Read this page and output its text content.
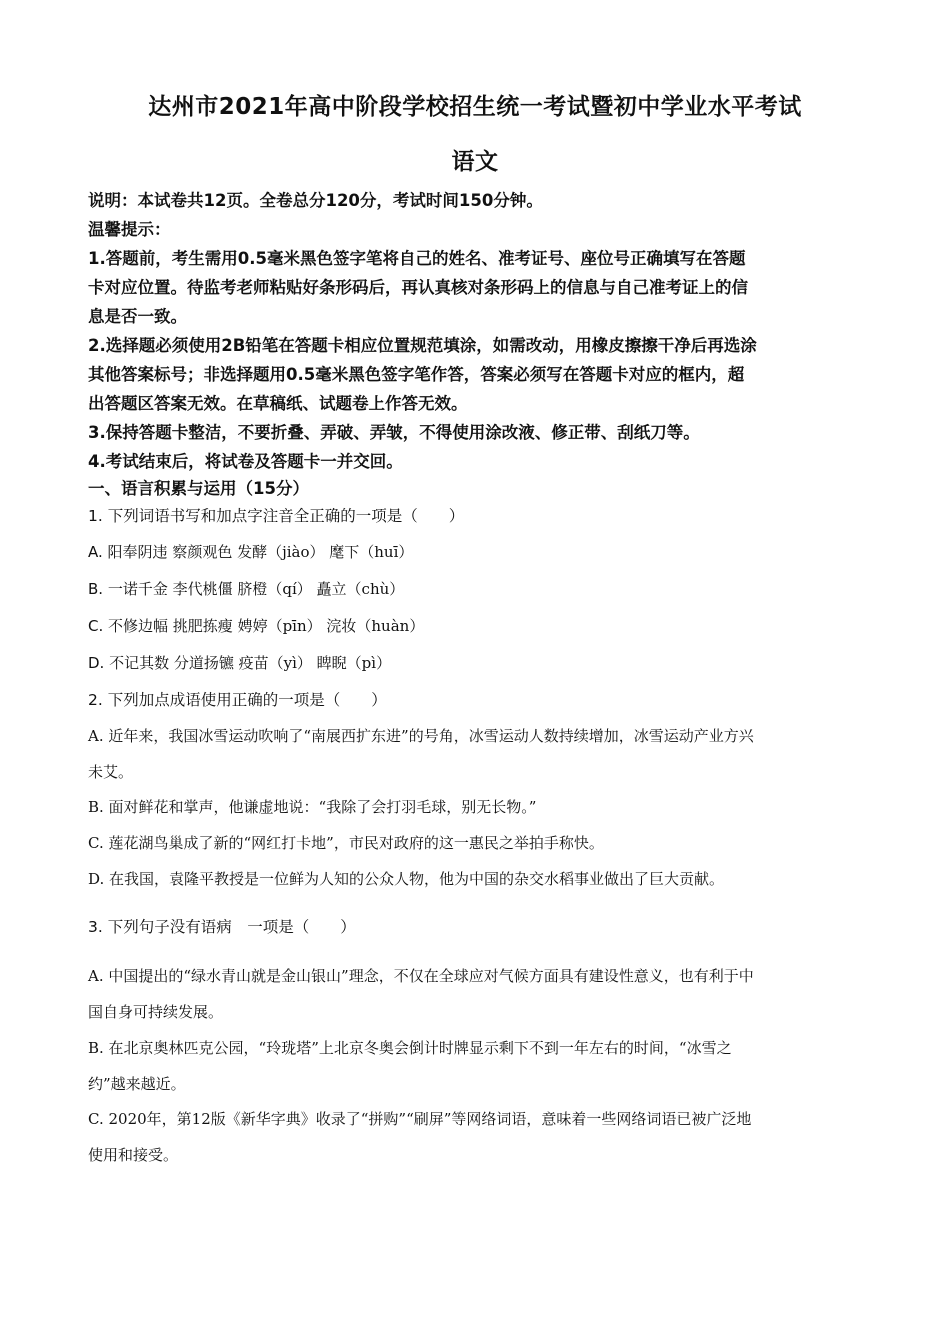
达州市2021年高中阶段学校招生统一考试暨初中学业水平考试
语文
说明：本试卷共12页。全卷总分120分，考试时间150分钟。
温馨提示：
1.答题前，考生需用0.5毫米黑色签字笔将自己的姓名、准考证号、座位号正确填写在答题
卡对应位置。待监考老师粘贴好条形码后，再认真核对条形码上的信息与自己准考证上的信
息是否一致。
2.选择题必须使用2B铅笔在答题卡相应位置规范填涂，如需改动，用橡皮擦擦干净后再选涂
其他答案标号；非选择题用0.5毫米黑色签字笔作答，答案必须写在答题卡对应的框内，超
出答题区答案无效。在草稿纸、试题卷上作答无效。
3.保持答题卡整洁，不要折叠、弄破、弄皱，不得使用涂改液、修正带、刮纸刀等。
4.考试结束后，将试卷及答题卡一并交回。
一、语言积累与运用（15分）
1. 下列词语书写和加点字注音全正确的一项是（　　）
A. 阳奉阴违 察颜观色 发酵（jiào） 麾下（huī）
B. 一诺千金 李代桃僵 脐橙（qí） 矗立（chù）
C. 不修边幅 挑肥拣瘦 娉婷（pīn） 浣妆（huàn）
D. 不记其数 分道扬镳 疫苗（yì） 睥睨（pì）
2. 下列加点成语使用正确的一项是（　　）
A. 近年来，我国冰雪运动吹响了“南展西扩东进”的号角，冰雪运动人数持续增加，冰雪运动产业方兴
未艾。
B. 面对鲜花和掌声，他谦虚地说：“我除了会打羽毛球，别无长物。”
C. 莲花湖鸟巢成了新的“网红打卡地”，市民对政府的这一惠民之举拍手称快。
D. 在我国，袁隆平教授是一位鲜为人知的公众人物，他为中国的杂交水稻事业做出了巨大贡献。
3. 下列句子没有语病　一项是（　　）
A. 中国提出的“绿水青山就是金山银山”理念，不仅在全球应对气候方面具有建设性意义，也有利于中
国自身可持续发展。
B. 在北京奥林匹克公园，“玲珑塔”上北京冬奥会倒计时牌显示剩下不到一年左右的时间，“冰雪之
约”越来越近。
C. 2020年，第12版《新华字典》收录了“拼购”“刷屏”等网络词语，意味着一些网络词语已被广泛地
使用和接受。
